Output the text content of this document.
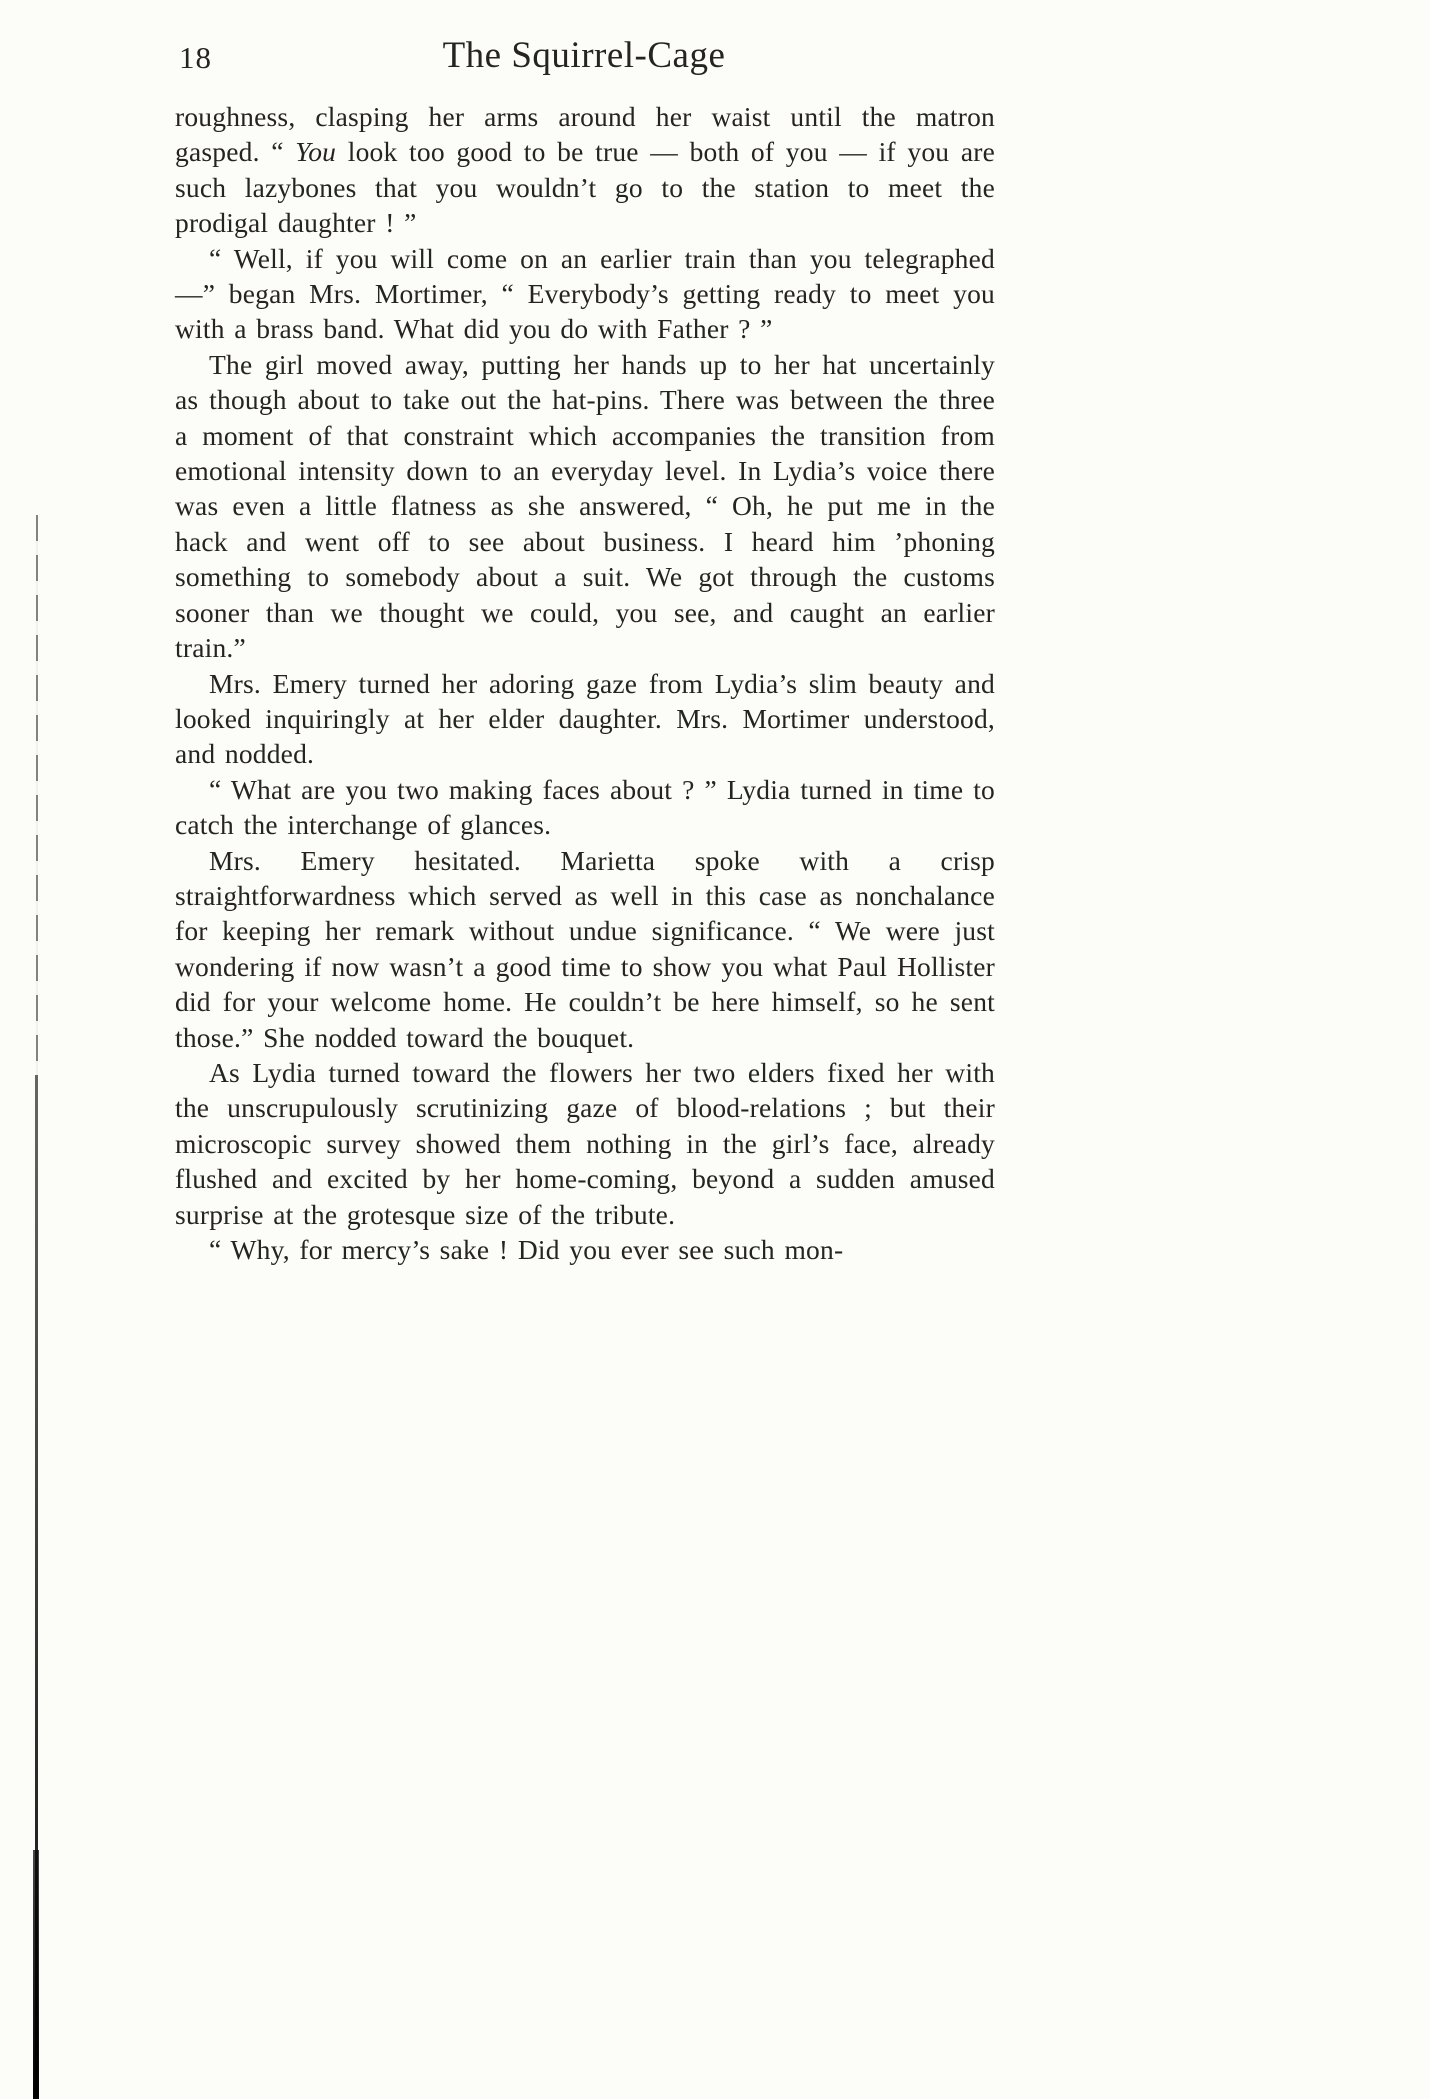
18	The Squirrel-Cage

roughness, clasping her arms around her waist until the matron gasped. “ You look too good to be true — both of you — if you are such lazybones that you wouldn’t go to the station to meet the prodigal daughter ! ”

“ Well, if you will come on an earlier train than you telegraphed —” began Mrs. Mortimer, “ Everybody’s getting ready to meet you with a brass band. What did you do with Father ? ”

The girl moved away, putting her hands up to her hat uncertainly as though about to take out the hat-pins. There was between the three a moment of that constraint which accompanies the transition from emotional intensity down to an everyday level. In Lydia’s voice there was even a little flatness as she answered, “ Oh, he put me in the hack and went off to see about business. I heard him ’phoning something to somebody about a suit. We got through the customs sooner than we thought we could, you see, and caught an earlier train.”

Mrs. Emery turned her adoring gaze from Lydia’s slim beauty and looked inquiringly at her elder daughter. Mrs. Mortimer understood, and nodded.

“ What are you two making faces about ? ” Lydia turned in time to catch the interchange of glances.

Mrs. Emery hesitated. Marietta spoke with a crisp straightforwardness which served as well in this case as nonchalance for keeping her remark without undue significance. “ We were just wondering if now wasn’t a good time to show you what Paul Hollister did for your welcome home. He couldn’t be here himself, so he sent those.” She nodded toward the bouquet.

As Lydia turned toward the flowers her two elders fixed her with the unscrupulously scrutinizing gaze of blood-relations ; but their microscopic survey showed them nothing in the girl’s face, already flushed and excited by her home-coming, beyond a sudden amused surprise at the grotesque size of the tribute.

“ Why, for mercy’s sake ! Did you ever see such mon-
